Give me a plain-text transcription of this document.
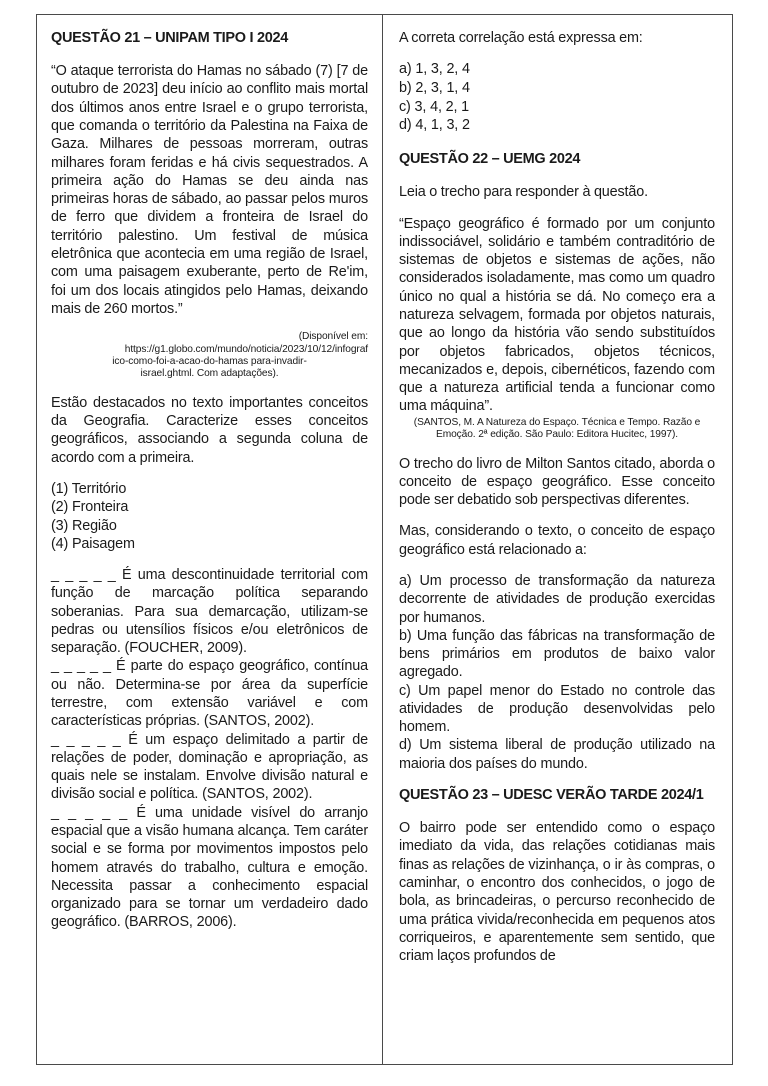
QUESTÃO 21 – UNIPAM TIPO I 2024
“O ataque terrorista do Hamas no sábado (7) [7 de outubro de 2023] deu início ao conflito mais mortal dos últimos anos entre Israel e o grupo terrorista, que comanda o território da Palestina na Faixa de Gaza. Milhares de pessoas morreram, outras milhares foram feridas e há civis sequestrados. A primeira ação do Hamas se deu ainda nas primeiras horas de sábado, ao passar pelos muros de ferro que dividem a fronteira de Israel do território palestino. Um festival de música eletrônica que acontecia em uma região de Israel, com uma paisagem exuberante, perto de Re'im, foi um dos locais atingidos pelo Hamas, deixando mais de 260 mortos.”
(Disponível em:
https://g1.globo.com/mundo/noticia/2023/10/12/infograf
ico-como-foi-a-acao-do-hamas para-invadir-
israel.ghtml. Com adaptações).
Estão destacados no texto importantes conceitos da Geografia. Caracterize esses conceitos geográficos, associando a segunda coluna de acordo com a primeira.
(1) Território
(2) Fronteira
(3) Região
(4) Paisagem
_ _ _ _ _ É uma descontinuidade territorial com função de marcação política separando soberanias. Para sua demarcação, utilizam-se pedras ou utensílios físicos e/ou eletrônicos de separação. (FOUCHER, 2009).
_ _ _ _ _ É parte do espaço geográfico, contínua ou não. Determina-se por área da superfície terrestre, com extensão variável e com características próprias. (SANTOS, 2002).
_ _ _ _ _ É um espaço delimitado a partir de relações de poder, dominação e apropriação, as quais nele se instalam. Envolve divisão natural e divisão social e política. (SANTOS, 2002).
_ _ _ _ _ É uma unidade visível do arranjo espacial que a visão humana alcança. Tem caráter social e se forma por movimentos impostos pelo homem através do trabalho, cultura e emoção. Necessita passar a conhecimento espacial organizado para se tornar um verdadeiro dado geográfico. (BARROS, 2006).
A correta correlação está expressa em:
a) 1, 3, 2, 4
b) 2, 3, 1, 4
c) 3, 4, 2, 1
d) 4, 1, 3, 2
QUESTÃO 22 – UEMG 2024
Leia o trecho para responder à questão.
“Espaço geográfico é formado por um conjunto indissociável, solidário e também contraditório de sistemas de objetos e sistemas de ações, não considerados isoladamente, mas como um quadro único no qual a história se dá. No começo era a natureza selvagem, formada por objetos naturais, que ao longo da história vão sendo substituídos por objetos fabricados, objetos técnicos, mecanizados e, depois, cibernéticos, fazendo com que a natureza artificial tenda a funcionar como uma máquina”.
(SANTOS, M. A Natureza do Espaço. Técnica e Tempo. Razão e
Emoção. 2ª edição. São Paulo: Editora Hucitec, 1997).
O trecho do livro de Milton Santos citado, aborda o conceito de espaço geográfico. Esse conceito pode ser debatido sob perspectivas diferentes.
Mas, considerando o texto, o conceito de espaço geográfico está relacionado a:
a) Um processo de transformação da natureza decorrente de atividades de produção exercidas por humanos.
b) Uma função das fábricas na transformação de bens primários em produtos de baixo valor agregado.
c) Um papel menor do Estado no controle das atividades de produção desenvolvidas pelo homem.
d) Um sistema liberal de produção utilizado na maioria dos países do mundo.
QUESTÃO 23 – UDESC VERÃO TARDE 2024/1
O bairro pode ser entendido como o espaço imediato da vida, das relações cotidianas mais finas as relações de vizinhança, o ir às compras, o caminhar, o encontro dos conhecidos, o jogo de bola, as brincadeiras, o percurso reconhecido de uma prática vivida/reconhecida em pequenos atos corriqueiros, e aparentemente sem sentido, que criam laços profundos de
